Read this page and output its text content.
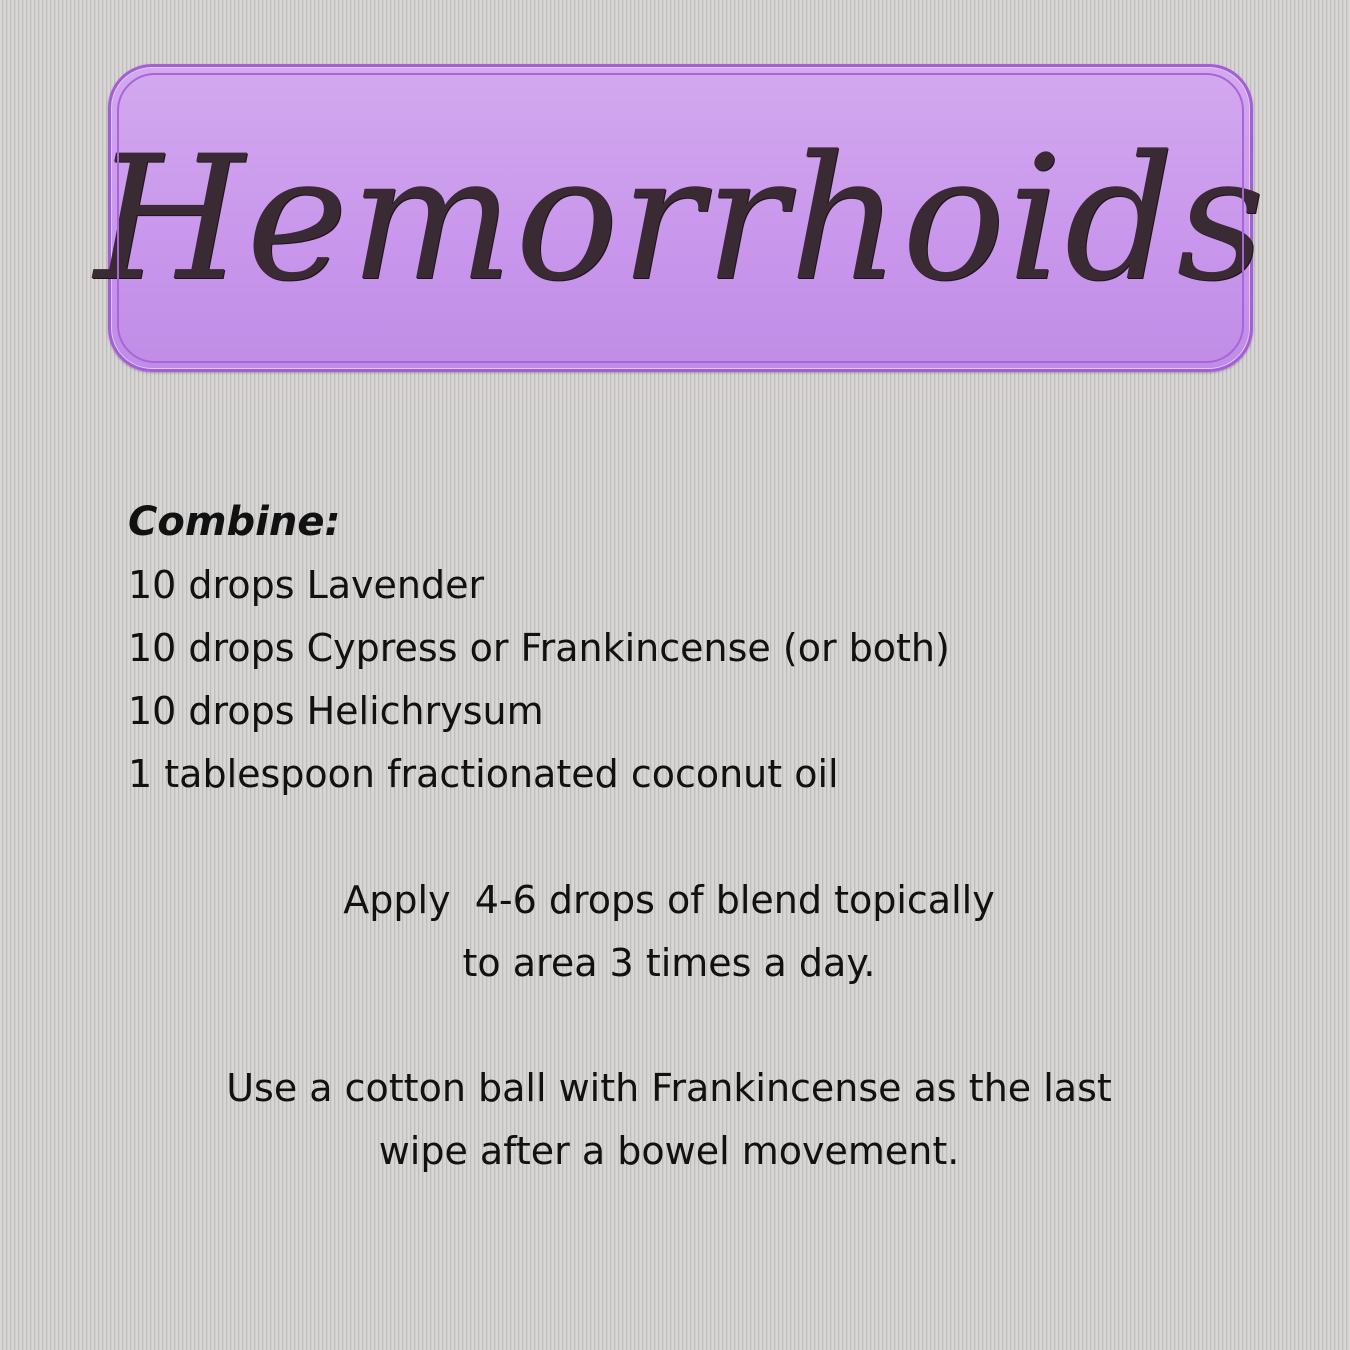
Hemorrhoids
Combine:
10 drops Lavender
10 drops Cypress or Frankincense (or both)
10 drops Helichrysum
1 tablespoon fractionated coconut oil
Apply  4-6 drops of blend topically
to area 3 times a day.
Use a cotton ball with Frankincense as the last
wipe after a bowel movement.
